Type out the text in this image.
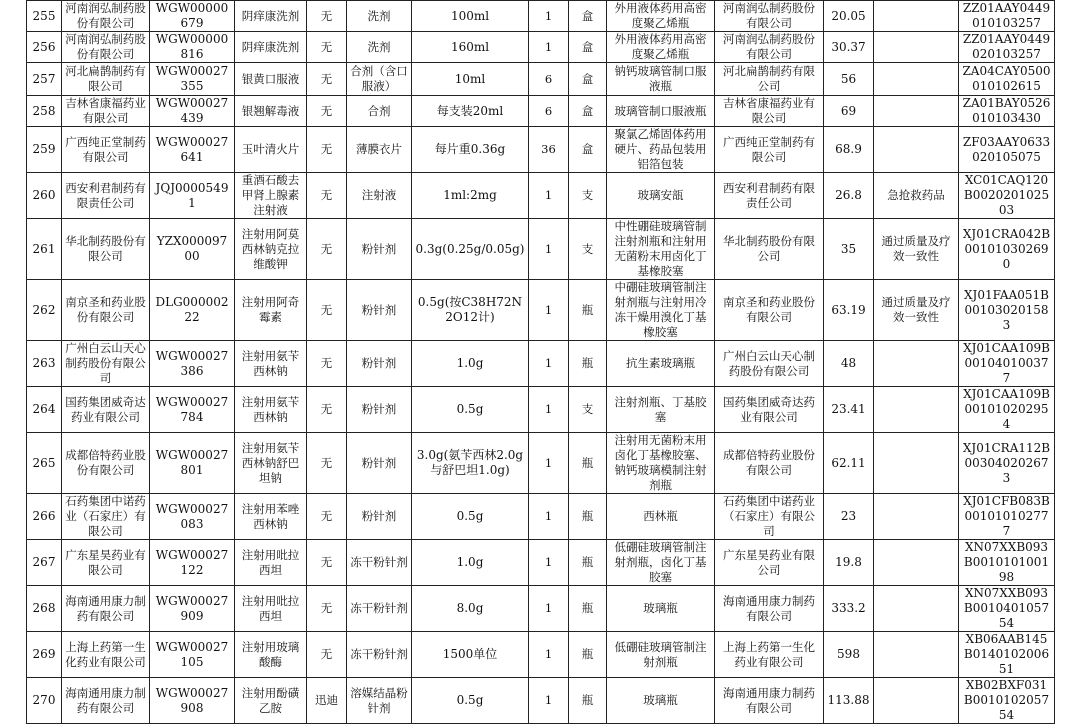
255	河南润弘制药股份有限公司	WGW00000679	阴痒康洗剂	无	洗剂	100ml	1	盒	外用液体药用高密度聚乙烯瓶	河南润弘制药股份有限公司	20.05		ZZ01AAY0449010103257
256	河南润弘制药股份有限公司	WGW00000816	阴痒康洗剂	无	洗剂	160ml	1	盒	外用液体药用高密度聚乙烯瓶	河南润弘制药股份有限公司	30.37		ZZ01AAY0449020103257
257	河北扁鹊制药有限公司	WGW00027355	银黄口服液	无	合剂（含口服液）	10ml	6	盒	钠钙玻璃管制口服液瓶	河北扁鹊制药有限公司	56		ZA04CAY0500010102615
258	吉林省康福药业有限公司	WGW00027439	银翘解毒液	无	合剂	每支装20ml	6	盒	玻璃管制口服液瓶	吉林省康福药业有限公司	69		ZA01BAY0526010103430
259	广西纯正堂制药有限公司	WGW00027641	玉叶清火片	无	薄膜衣片	每片重0.36g	36	盒	聚氯乙烯固体药用硬片、药品包装用铝箔包装	广西纯正堂制药有限公司	68.9		ZF03AAY0633020105075
260	西安利君制药有限责任公司	JQJ00005491	重酒石酸去甲肾上腺素注射液	无	注射液	1ml:2mg	1	支	玻璃安瓿	西安利君制药有限责任公司	26.8	急抢救药品	XC01CAQ120B002020102503
261	华北制药股份有限公司	YZX00009700	注射用阿莫西林钠克拉维酸钾	无	粉针剂	0.3g(0.25g/0.05g)	1	支	中性硼硅玻璃管制注射剂瓶和注射用无菌粉末用卤化丁基橡胶塞	华北制药股份有限公司	35	通过质量及疗效一致性	XJ01CRA042B001010302690
262	南京圣和药业股份有限公司	DLG00000222	注射用阿奇霉素	无	粉针剂	0.5g(按C38H72N2O12计)	1	瓶	中硼硅玻璃管制注射剂瓶与注射用冷冻干燥用溴化丁基橡胶塞	南京圣和药业股份有限公司	63.19	通过质量及疗效一致性	XJ01FAA051B001030201583
263	广州白云山天心制药股份有限公司	WGW00027386	注射用氨苄西林钠	无	粉针剂	1.0g	1	瓶	抗生素玻璃瓶	广州白云山天心制药股份有限公司	48		XJ01CAA109B001040100377
264	国药集团威奇达药业有限公司	WGW00027784	注射用氨苄西林钠	无	粉针剂	0.5g	1	支	注射剂瓶、丁基胶塞	国药集团威奇达药业有限公司	23.41		XJ01CAA109B001010202954
265	成都倍特药业股份有限公司	WGW00027801	注射用氨苄西林钠舒巴坦钠	无	粉针剂	3.0g(氨苄西林2.0g与舒巴坦1.0g)	1	瓶	注射用无菌粉末用卤化丁基橡胶塞、钠钙玻璃模制注射剂瓶	成都倍特药业股份有限公司	62.11		XJ01CRA112B003040202673
266	石药集团中诺药业（石家庄）有限公司	WGW00027083	注射用苯唑西林钠	无	粉针剂	0.5g	1	瓶	西林瓶	石药集团中诺药业（石家庄）有限公司	23		XJ01CFB083B001010102777
267	广东星昊药业有限公司	WGW00027122	注射用吡拉西坦	无	冻干粉针剂	1.0g	1	瓶	低硼硅玻璃管制注射剂瓶，卤化丁基胶塞	广东星昊药业有限公司	19.8		XN07XXB093B001010100198
268	海南通用康力制药有限公司	WGW00027909	注射用吡拉西坦	无	冻干粉针剂	8.0g	1	瓶	玻璃瓶	海南通用康力制药有限公司	333.2		XN07XXB093B001040105754
269	上海上药第一生化药业有限公司	WGW00027105	注射用玻璃酸酶	无	冻干粉针剂	1500单位	1	瓶	低硼硅玻璃管制注射剂瓶	上海上药第一生化药业有限公司	598		XB06AAB145B014010200651
270	海南通用康力制药有限公司	WGW00027908	注射用酚磺乙胺	迅迪	溶媒结晶粉针剂	0.5g	1	瓶	玻璃瓶	海南通用康力制药有限公司	113.88		XB02BXF031B001010205754
